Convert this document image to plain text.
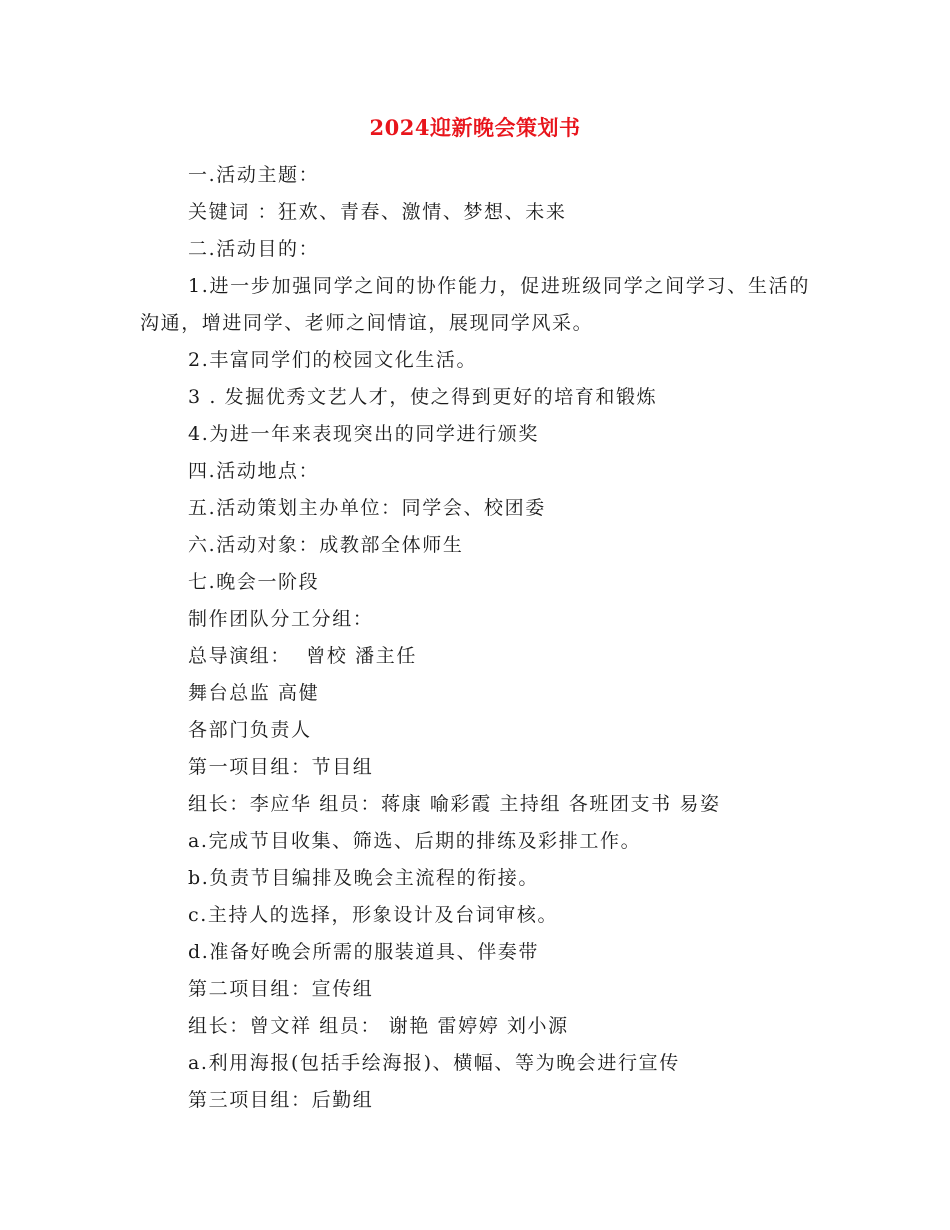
2024迎新晚会策划书
一.活动主题：
关键词 ：狂欢、青春、激情、梦想、未来
二.活动目的：
1.进一步加强同学之间的协作能力，促进班级同学之间学习、生活的沟通，增进同学、老师之间情谊，展现同学风采。
2.丰富同学们的校园文化生活。
3 . 发掘优秀文艺人才，使之得到更好的培育和锻炼
4.为进一年来表现突出的同学进行颁奖
四.活动地点：
五.活动策划主办单位：同学会、校团委
六.活动对象：成教部全体师生
七.晚会一阶段
制作团队分工分组：
总导演组：  曾校 潘主任
舞台总监 高健
各部门负责人
第一项目组：节目组
组长：李应华 组员：蒋康 喻彩霞 主持组 各班团支书 易姿
a.完成节目收集、筛选、后期的排练及彩排工作。
b.负责节目编排及晚会主流程的衔接。
c.主持人的选择，形象设计及台词审核。
d.准备好晚会所需的服装道具、伴奏带
第二项目组：宣传组
组长：曾文祥 组员： 谢艳 雷婷婷 刘小源
a.利用海报(包括手绘海报)、横幅、等为晚会进行宣传
第三项目组：后勤组
